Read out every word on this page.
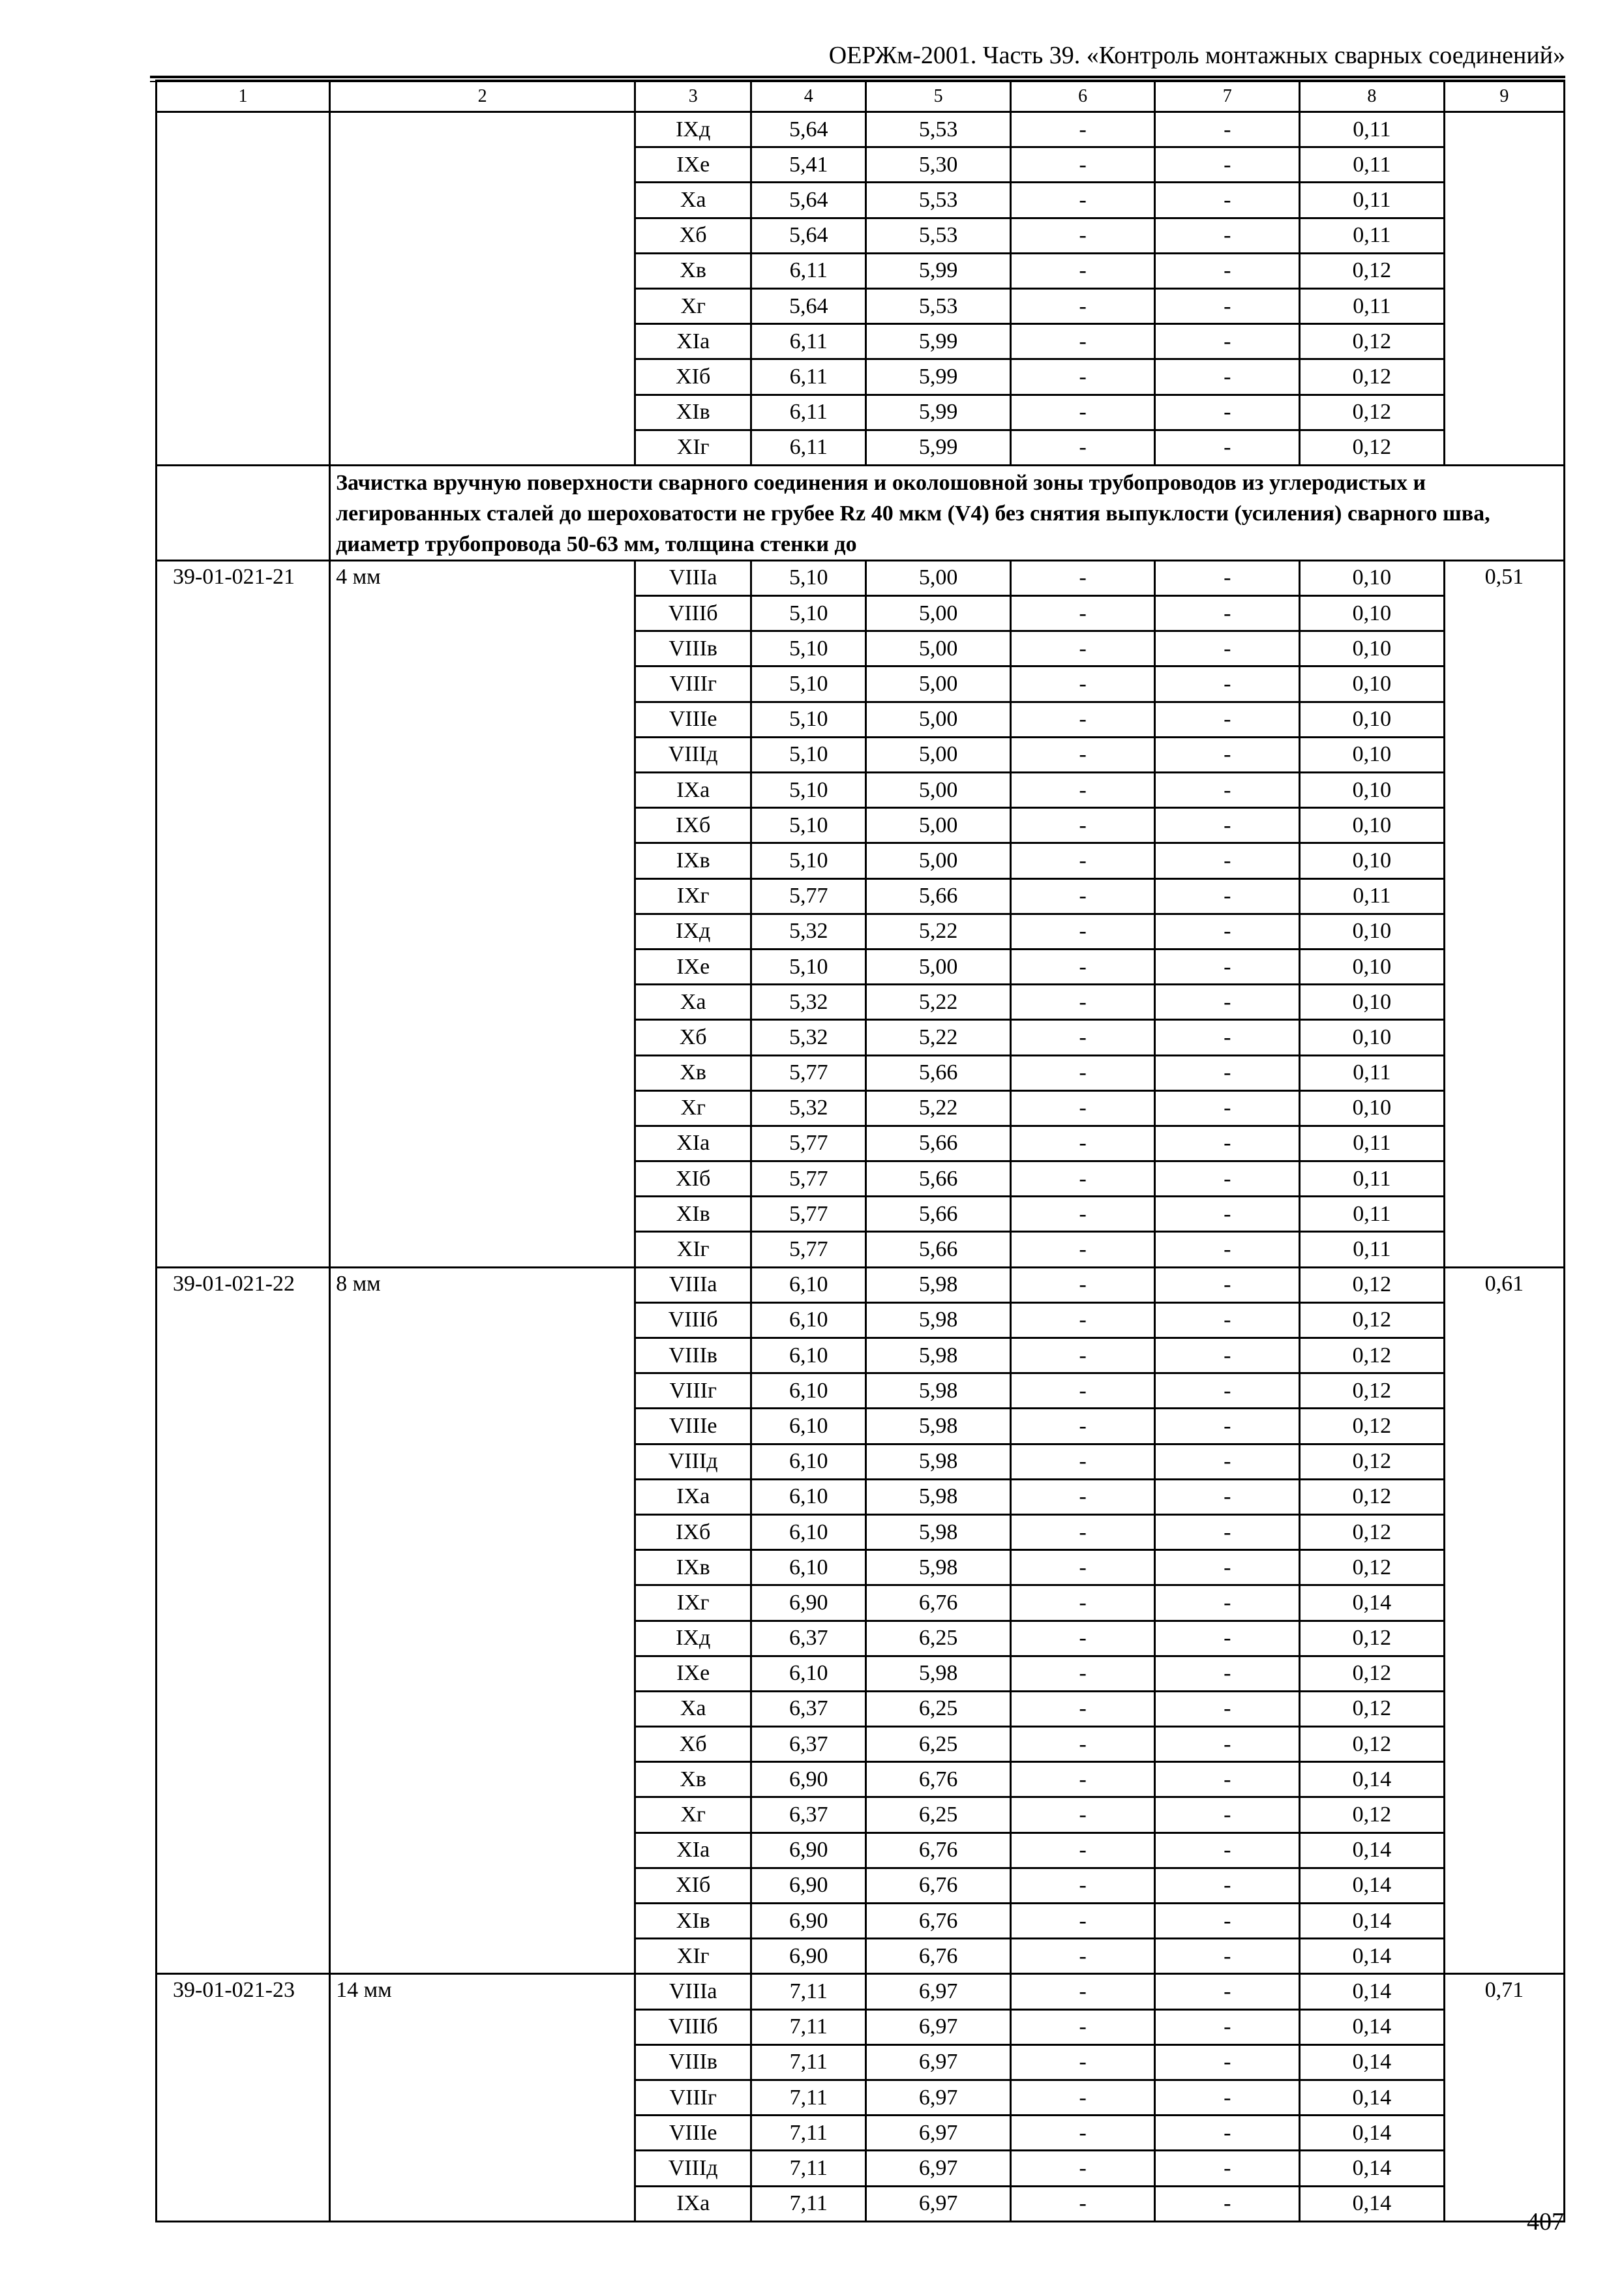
ОЕРЖм-2001. Часть 39. «Контроль монтажных сварных соединений»
1	2	3	4	5	6	7	8	9
		IXд	5,64	5,53	-	-	0,11	
		IXе	5,41	5,30	-	-	0,11	
		Xа	5,64	5,53	-	-	0,11	
		Xб	5,64	5,53	-	-	0,11	
		Xв	6,11	5,99	-	-	0,12	
		Xг	5,64	5,53	-	-	0,11	
		XIа	6,11	5,99	-	-	0,12	
		XIб	6,11	5,99	-	-	0,12	
		XIв	6,11	5,99	-	-	0,12	
		XIг	6,11	5,99	-	-	0,12	
	Зачистка вручную поверхности сварного соединения и околошовной зоны трубопроводов из углеродистых и легированных сталей до шероховатости не грубее Rz 40 мкм (V4) без снятия выпуклости (усиления) сварного шва, диаметр трубопровода 50-63 мм, толщина стенки до							
39-01-021-21	4 мм	VIIIа	5,10	5,00	-	-	0,10	0,51
		VIIIб	5,10	5,00	-	-	0,10	
		VIIIв	5,10	5,00	-	-	0,10	
		VIIIг	5,10	5,00	-	-	0,10	
		VIIIе	5,10	5,00	-	-	0,10	
		VIIIд	5,10	5,00	-	-	0,10	
		IXа	5,10	5,00	-	-	0,10	
		IXб	5,10	5,00	-	-	0,10	
		IXв	5,10	5,00	-	-	0,10	
		IXг	5,77	5,66	-	-	0,11	
		IXд	5,32	5,22	-	-	0,10	
		IXе	5,10	5,00	-	-	0,10	
		Xа	5,32	5,22	-	-	0,10	
		Xб	5,32	5,22	-	-	0,10	
		Xв	5,77	5,66	-	-	0,11	
		Xг	5,32	5,22	-	-	0,10	
		XIа	5,77	5,66	-	-	0,11	
		XIб	5,77	5,66	-	-	0,11	
		XIв	5,77	5,66	-	-	0,11	
		XIг	5,77	5,66	-	-	0,11	
39-01-021-22	8 мм	VIIIа	6,10	5,98	-	-	0,12	0,61
		VIIIб	6,10	5,98	-	-	0,12	
		VIIIв	6,10	5,98	-	-	0,12	
		VIIIг	6,10	5,98	-	-	0,12	
		VIIIе	6,10	5,98	-	-	0,12	
		VIIIд	6,10	5,98	-	-	0,12	
		IXа	6,10	5,98	-	-	0,12	
		IXб	6,10	5,98	-	-	0,12	
		IXв	6,10	5,98	-	-	0,12	
		IXг	6,90	6,76	-	-	0,14	
		IXд	6,37	6,25	-	-	0,12	
		IXе	6,10	5,98	-	-	0,12	
		Xа	6,37	6,25	-	-	0,12	
		Xб	6,37	6,25	-	-	0,12	
		Xв	6,90	6,76	-	-	0,14	
		Xг	6,37	6,25	-	-	0,12	
		XIа	6,90	6,76	-	-	0,14	
		XIб	6,90	6,76	-	-	0,14	
		XIв	6,90	6,76	-	-	0,14	
		XIг	6,90	6,76	-	-	0,14	
39-01-021-23	14 мм	VIIIа	7,11	6,97	-	-	0,14	0,71
		VIIIб	7,11	6,97	-	-	0,14	
		VIIIв	7,11	6,97	-	-	0,14	
		VIIIг	7,11	6,97	-	-	0,14	
		VIIIе	7,11	6,97	-	-	0,14	
		VIIIд	7,11	6,97	-	-	0,14	
		IXа	7,11	6,97	-	-	0,14	
407
